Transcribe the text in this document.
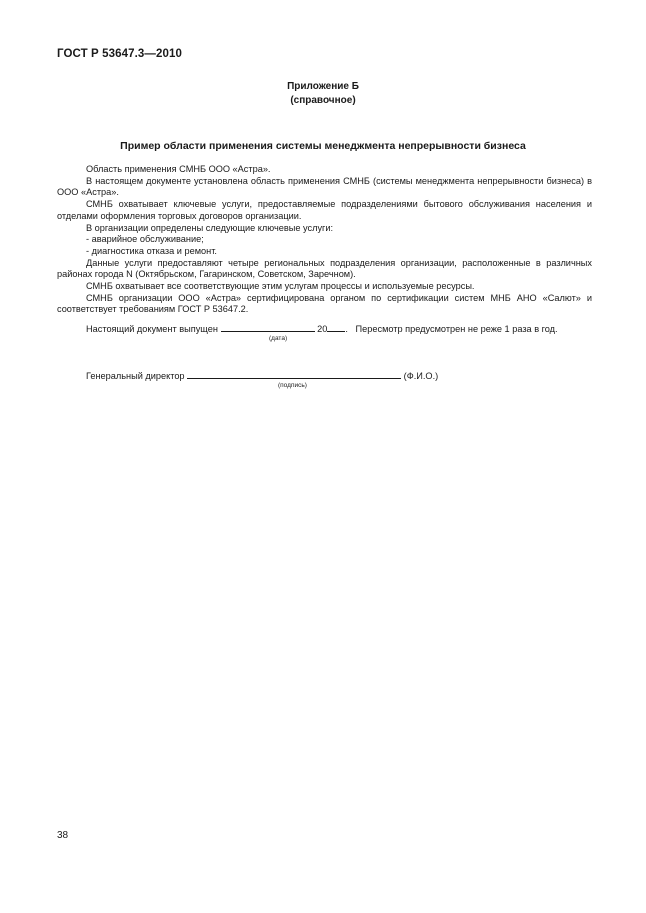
ГОСТ Р 53647.3—2010
Приложение Б
(справочное)
Пример области применения системы менеджмента непрерывности бизнеса

Область применения СМНБ ООО «Астра».

В настоящем документе установлена область применения СМНБ (системы менеджмента непрерывности бизнеса) в ООО «Астра».

СМНБ охватывает ключевые услуги, предоставляемые подразделениями бытового обслуживания населения и отделами оформления торговых договоров организации.

В организации определены следующие ключевые услуги:

- аварийное обслуживание;

- диагностика отказа и ремонт.

Данные услуги предоставляют четыре региональных подразделения организации, расположенные в различных районах города N (Октябрьском, Гагаринском, Советском, Заречном).

СМНБ охватывает все соответствующие этим услугам процессы и используемые ресурсы.

СМНБ организации ООО «Астра» сертифицирована органом по сертификации систем МНБ АНО «Салют» и соответствует требованиям ГОСТ Р 53647.2.

Настоящий документ выпущен	20 .   Пересмотр предусмотрен не реже 1 раза в год.
(дата)
Генеральный директор	(Ф.И.О.)
(подпись)
38
